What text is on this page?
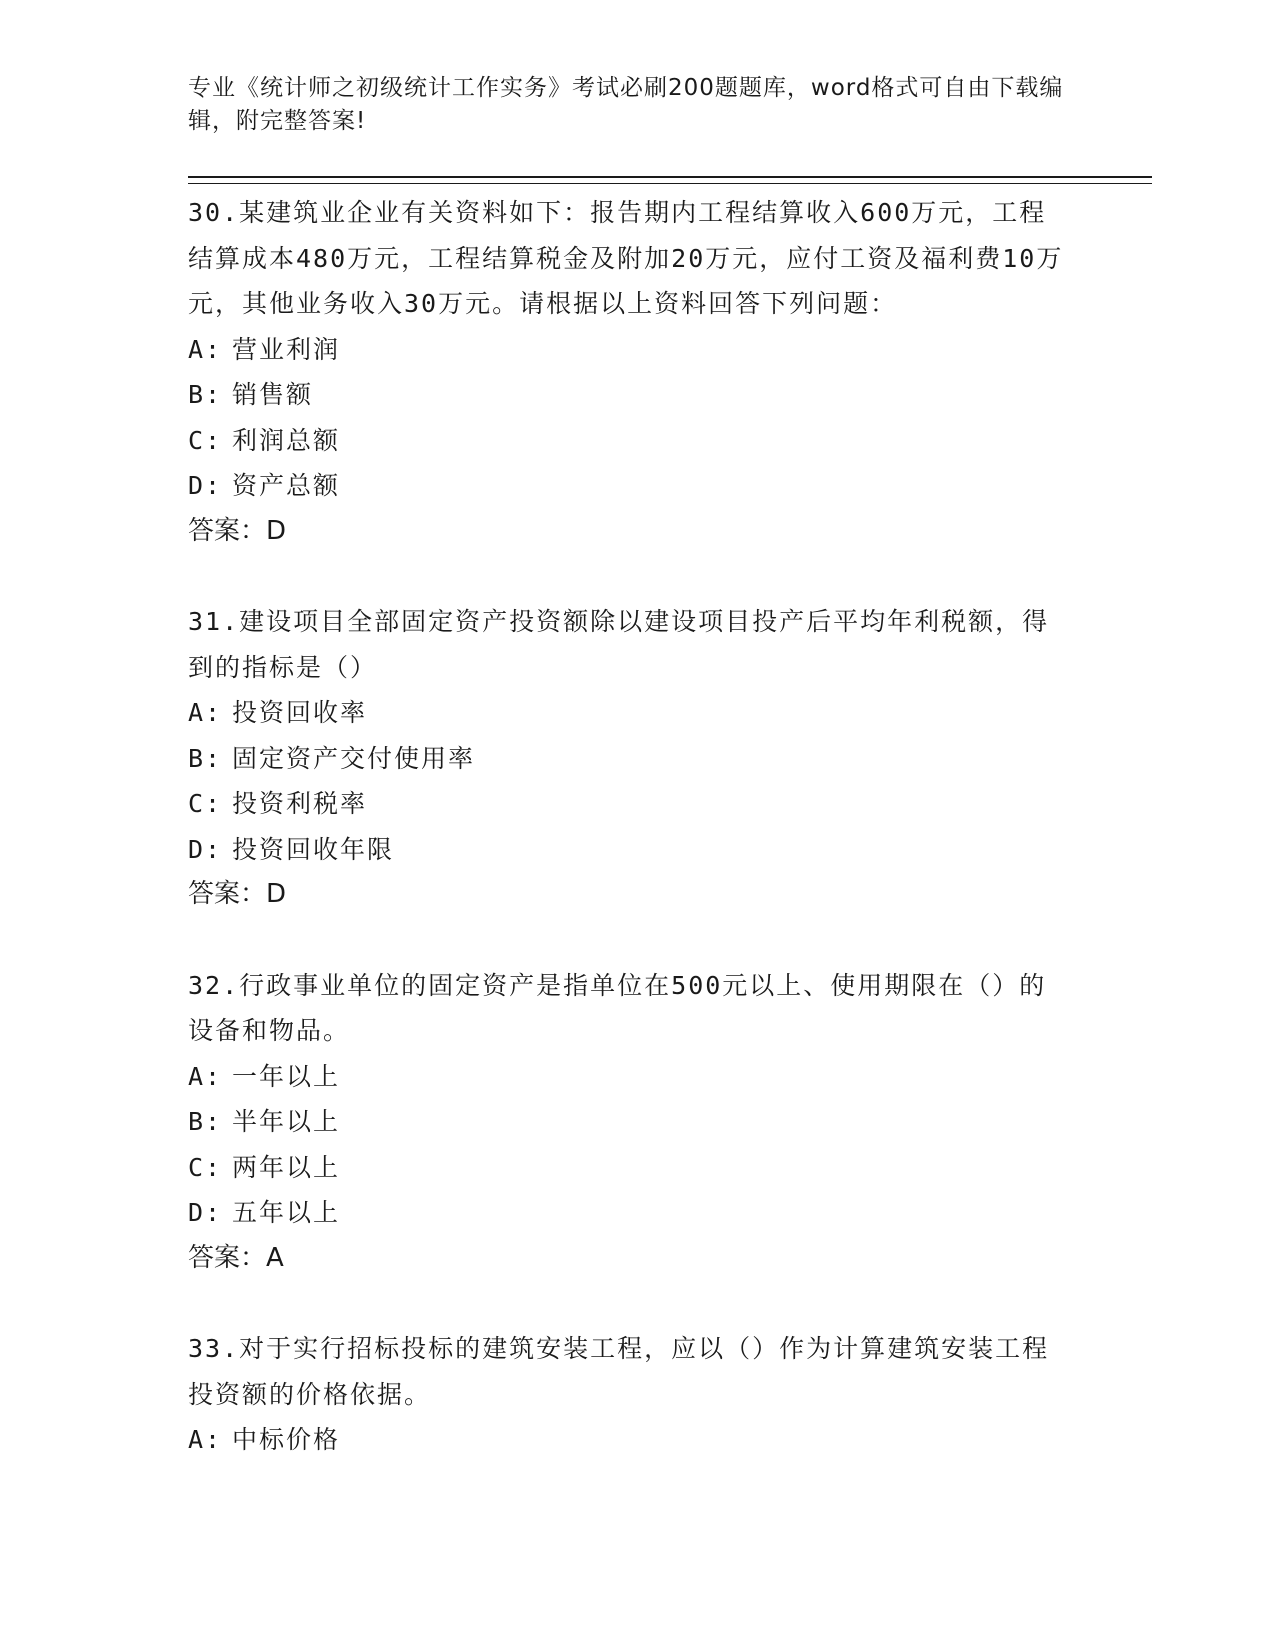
专业《统计师之初级统计工作实务》考试必刷200题题库，word格式可自由下载编辑，附完整答案!

30.某建筑业企业有关资料如下：报告期内工程结算收入600万元，工程结算成本480万元，工程结算税金及附加20万元，应付工资及福利费10万元，其他业务收入30万元。请根据以上资料回答下列问题：

A: 营业利润

B: 销售额

C: 利润总额

D: 资产总额

答案：D

31.建设项目全部固定资产投资额除以建设项目投产后平均年利税额，得到的指标是（）

A: 投资回收率

B: 固定资产交付使用率

C: 投资利税率

D: 投资回收年限

答案：D

32.行政事业单位的固定资产是指单位在500元以上、使用期限在（）的设备和物品。

A: 一年以上

B: 半年以上

C: 两年以上

D: 五年以上

答案：A

33.对于实行招标投标的建筑安装工程，应以（）作为计算建筑安装工程投资额的价格依据。

A: 中标价格
